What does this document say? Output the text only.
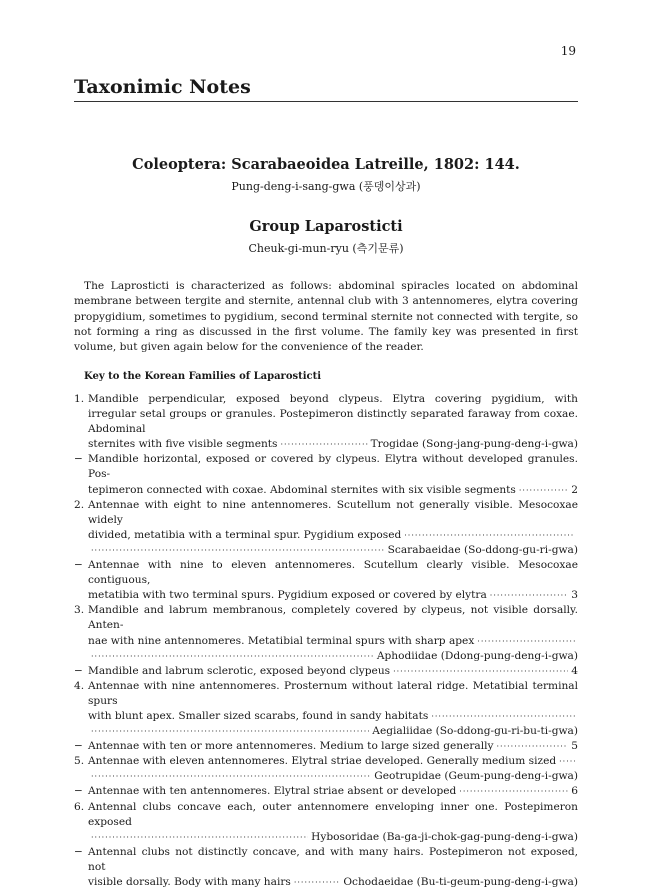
19
Taxonimic Notes
Coleoptera: Scarabaeoidea Latreille, 1802: 144.
Pung-deng-i-sang-gwa (풍뎅이상과)
Group Laparosticti
Cheuk-gi-mun-ryu (측기문류)

The Laprosticti is characterized as follows: abdominal spiracles located on abdominal membrane between tergite and sternite, antennal club with 3 antennomeres, elytra covering propygidium, sometimes to pygidium, second terminal sternite not connected with tergite, so not forming a ring as discussed in the first volume. The family key was presented in first volume, but given again below for the convenience of the reader.

Key to the Korean Families of Laparosticti
1. Mandible perpendicular, exposed beyond clypeus. Elytra covering pygidium, with irregular setal groups or granules. Postepimeron distinctly separated faraway from coxae. Abdominal
sternites with five visible segments ·····	Trogidae (Song-jang-pung-deng-i-gwa)
− Mandible horizontal, exposed or covered by clypeus. Elytra without developed granules. Pos-
tepimeron connected with coxae. Abdominal sternites with six visible segments ·····	2
2. Antennae with eight to nine antennomeres. Scutellum not generally visible. Mesocoxae widely
divided, metatibia with a terminal spur. Pygidium exposed
·····
·····
Scarabaeidae (So-ddong-gu-ri-gwa)
− Antennae with nine to eleven antennomeres. Scutellum clearly visible. Mesocoxae contiguous,
metatibia with two terminal spurs. Pygidium exposed or covered by elytra ·····	3
3. Mandible and labrum membranous, completely covered by clypeus, not visible dorsally. Anten-
nae with nine antennomeres. Metatibial terminal spurs with sharp apex
·····
·····
Aphodiidae (Ddong-pung-deng-i-gwa)
− Mandible and labrum sclerotic, exposed beyond clypeus ·····	4
4. Antennae with nine antennomeres. Prosternum without lateral ridge. Metatibial terminal spurs
with blunt apex. Smaller sized scarabs, found in sandy habitats
·····
·····
Aegialiidae (So-ddong-gu-ri-bu-ti-gwa)
− Antennae with ten or more antennomeres. Medium to large sized generally ·····	5
5. Antennae with eleven antennomeres. Elytral striae developed. Generally medium sized
·····
·····
Geotrupidae (Geum-pung-deng-i-gwa)
− Antennae with ten antennomeres. Elytral striae absent or developed ·····	6
6. Antennal clubs concave each, outer antennomere enveloping inner one. Postepimeron exposed
·····
Hybosoridae (Ba-ga-ji-chok-gag-pung-deng-i-gwa)
− Antennal clubs not distinctly concave, and with many hairs. Postepimeron not exposed, not
visible dorsally. Body with many hairs ·····	Ochodaeidae (Bu-ti-geum-pung-deng-i-gwa)
